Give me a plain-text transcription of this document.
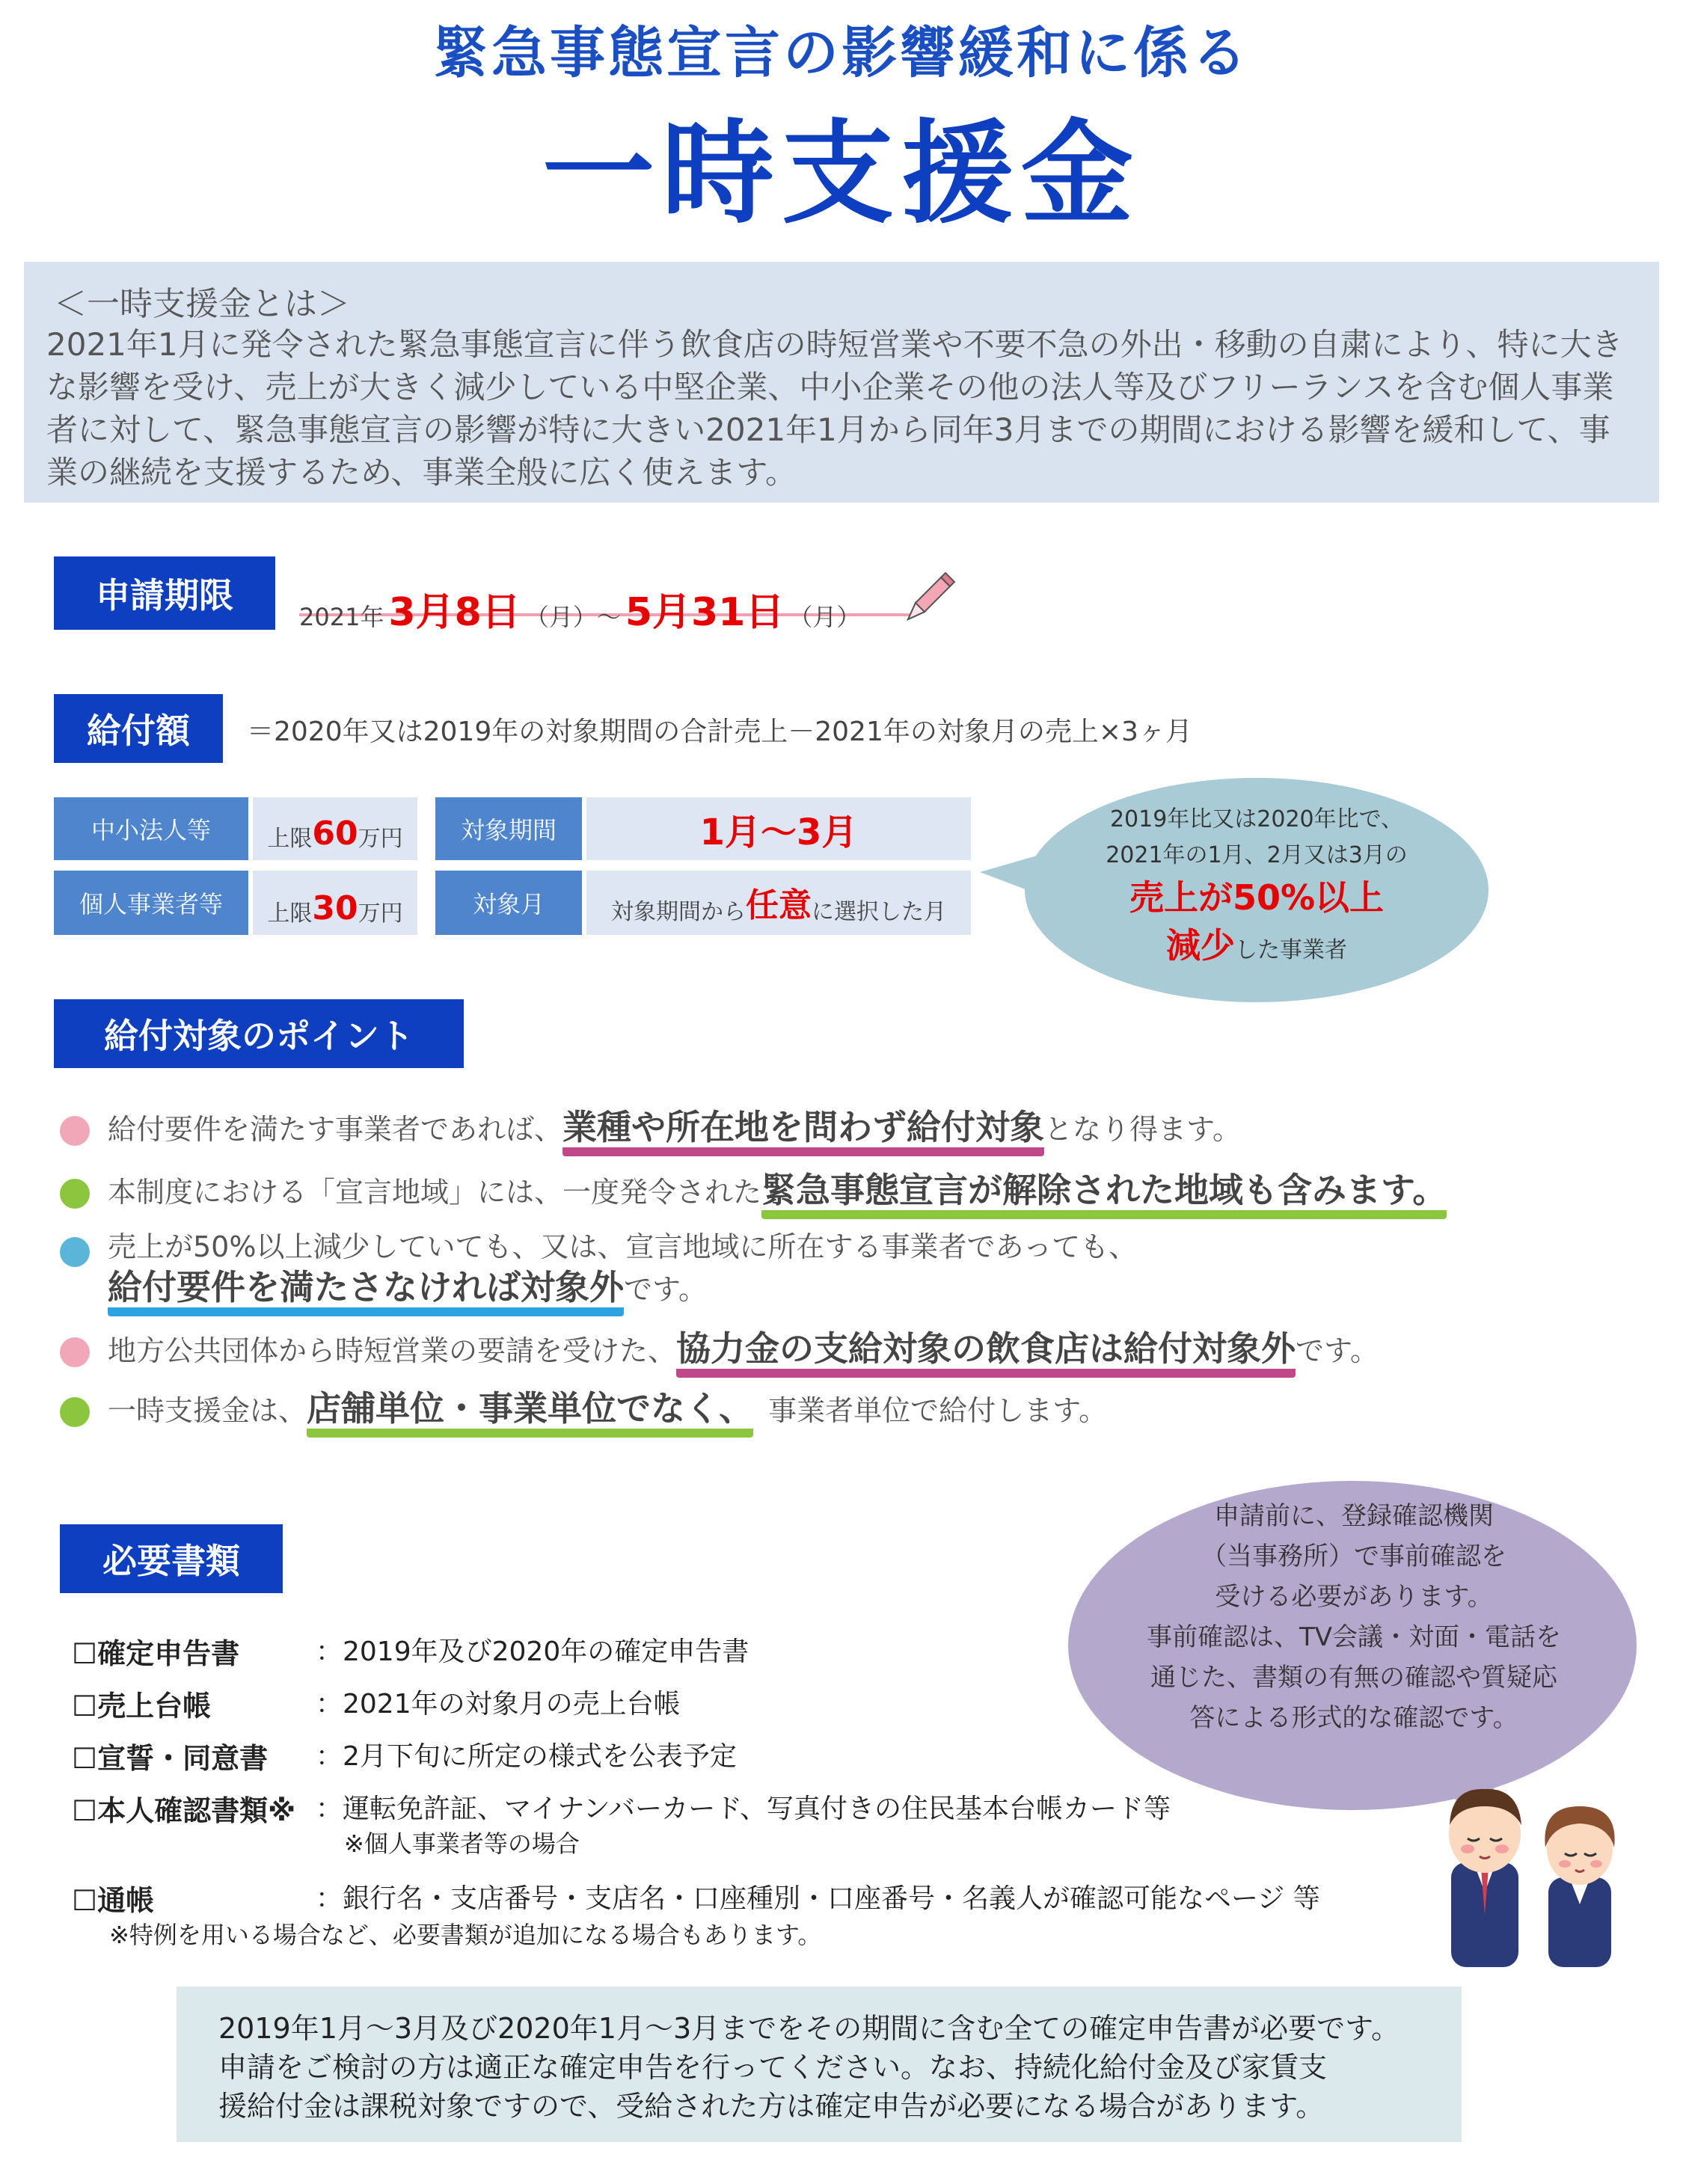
緊急事態宣言の影響緩和に係る
一時支援金
＜一時支援金とは＞
2021年1月に発令された緊急事態宣言に伴う飲食店の時短営業や不要不急の外出・移動の自粛により、特に大きな影響を受け、売上が大きく減少している中堅企業、中小企業その他の法人等及びフリーランスを含む個人事業者に対して、緊急事態宣言の影響が特に大きい2021年1月から同年3月までの期間における影響を緩和して、事業の継続を支援するため、事業全般に広く使えます。
申請期限
2021年 3月8日 （月）～ 5月31日 （月）
給付額	＝2020年又は2019年の対象期間の合計売上－2021年の対象月の売上×3ヶ月
中小法人等	上限 60 万円	対象期間	1月～3月
個人事業者等	上限 30 万円	対象月	対象期間から 任意 に選択した月
2019年比又は2020年比で、
2021年の1月、2月又は3月の
売上が50%以上
減少した事業者
給付対象のポイント
給付要件を満たす事業者であれば、業種や所在地を問わず給付対象となり得ます。
本制度における「宣言地域」には、一度発令された緊急事態宣言が解除された地域も含みます。
売上が50%以上減少していても、又は、宣言地域に所在する事業者であっても、
給付要件を満たさなければ対象外です。
地方公共団体から時短営業の要請を受けた、協力金の支給対象の飲食店は給付対象外です。
一時支援金は、店舗単位・事業単位でなく、 事業者単位で給付します。
必要書類
☐確定申告書	：2019年及び2020年の確定申告書
☐売上台帳	：2021年の対象月の売上台帳
☐宣誓・同意書 ：2月下旬に所定の様式を公表予定
☐本人確認書類※ ：運転免許証、マイナンバーカード、写真付きの住民基本台帳カード等
※個人事業者等の場合
☐通帳	：銀行名・支店番号・支店名・口座種別・口座番号・名義人が確認可能なページ 等
※特例を用いる場合など、必要書類が追加になる場合もあります。
申請前に、登録確認機関
（当事務所）で事前確認を
受ける必要があります。
事前確認は、TV会議・対面・電話を
通じた、書類の有無の確認や質疑応
答による形式的な確認です。
2019年1月～3月及び2020年1月～3月までをその期間に含む全ての確定申告書が必要です。
申請をご検討の方は適正な確定申告を行ってください。なお、持続化給付金及び家賃支
援給付金は課税対象ですので、受給された方は確定申告が必要になる場合があります。
